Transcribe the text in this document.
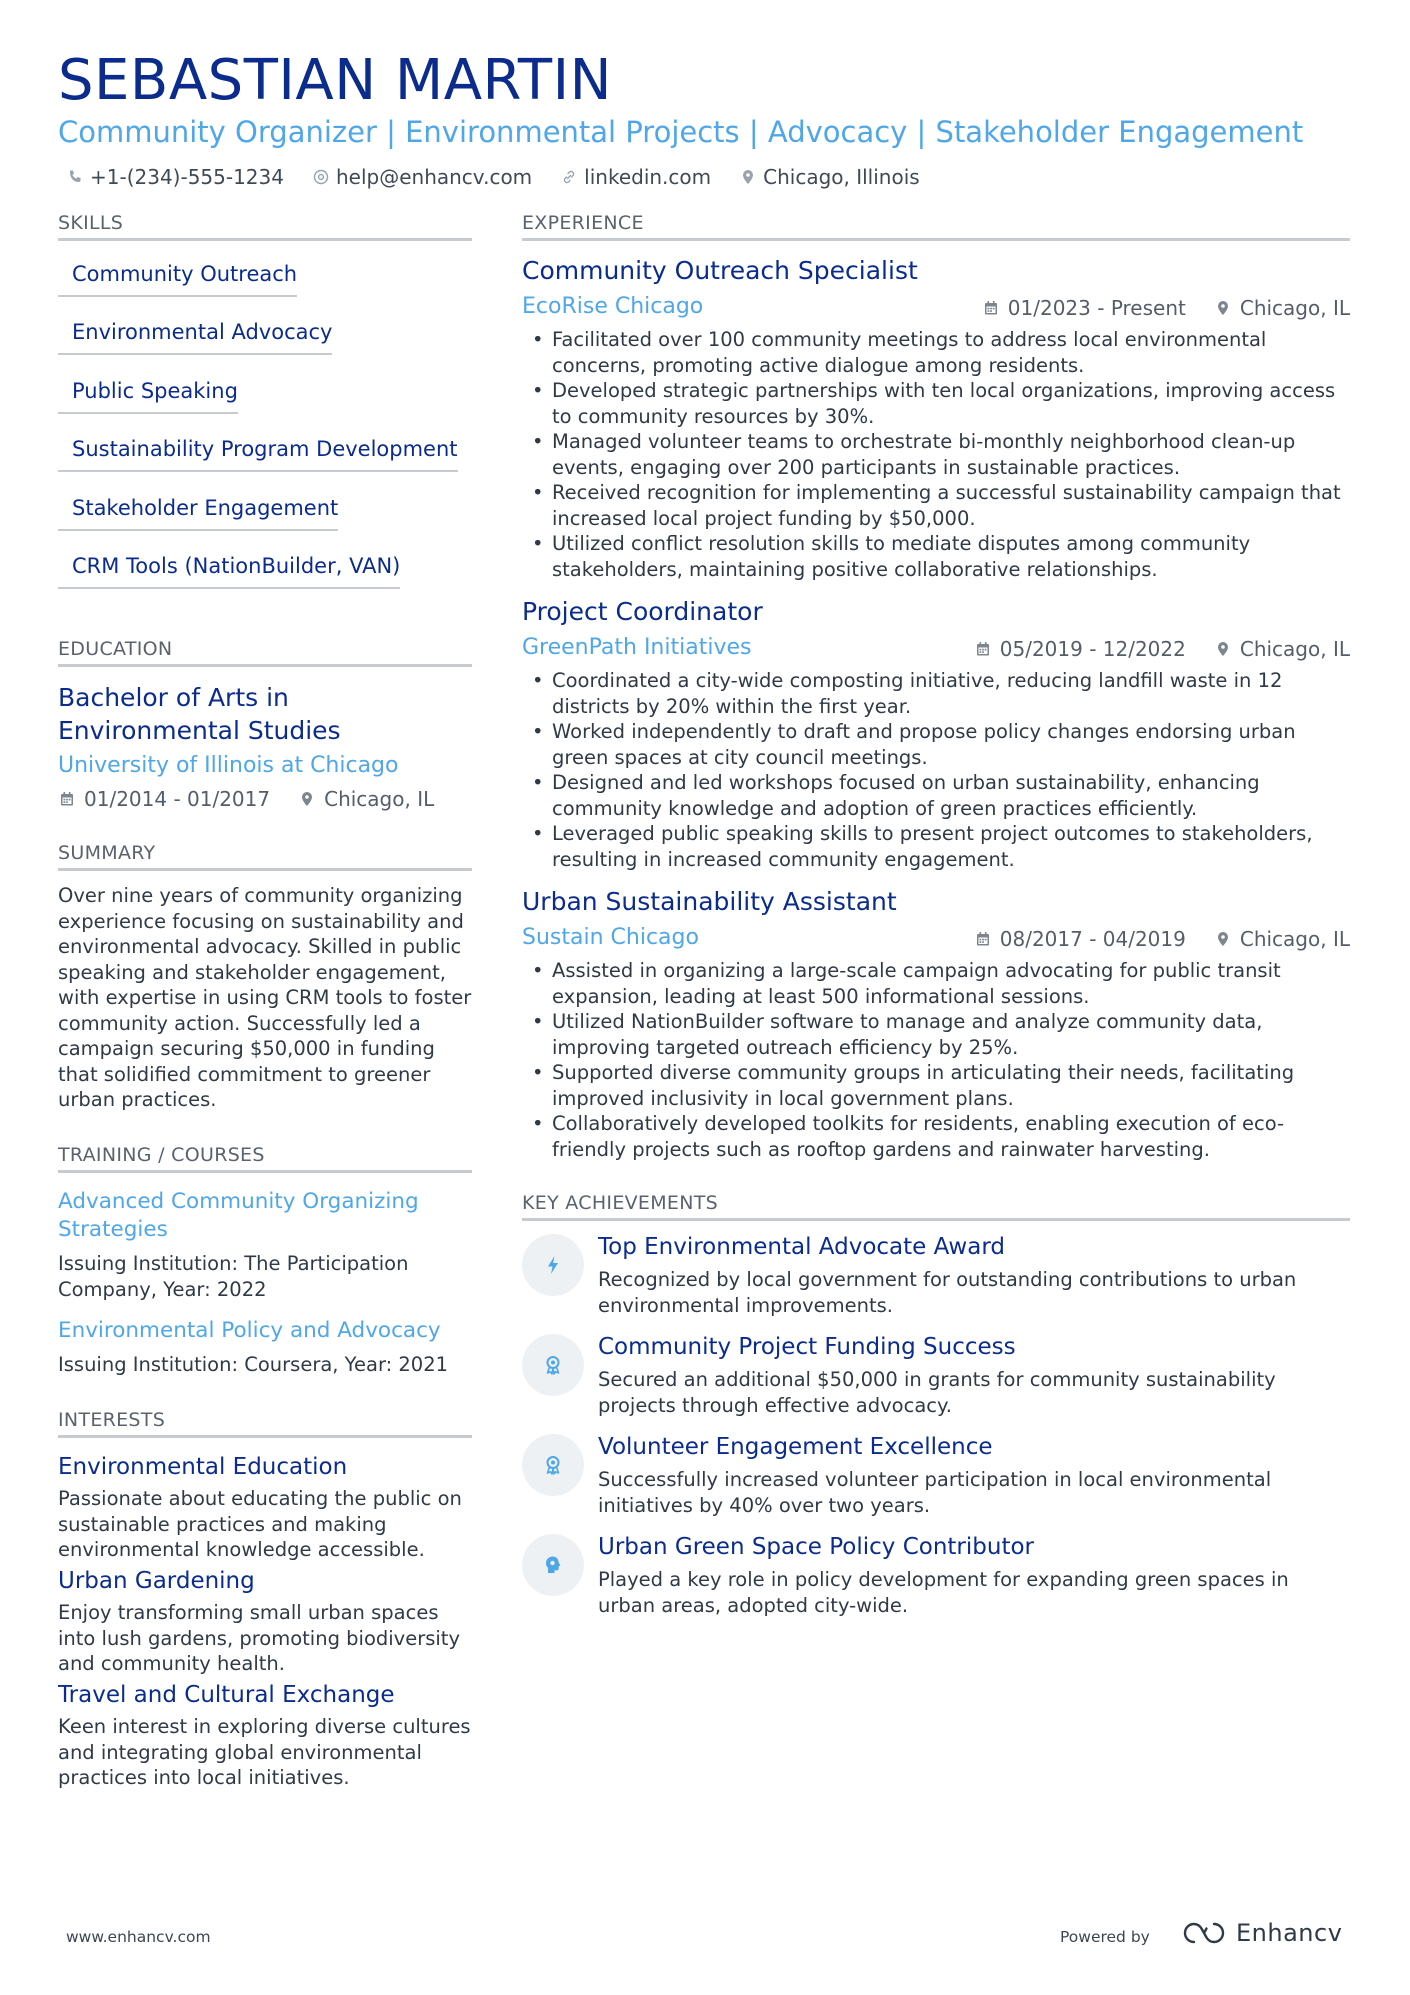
SEBASTIAN MARTIN
Community Organizer | Environmental Projects | Advocacy | Stakeholder Engagement
+1-(234)-555-1234	help@enhancv.com	linkedin.com	Chicago, Illinois
SKILLS
Community Outreach
Environmental Advocacy
Public Speaking
Sustainability Program Development
Stakeholder Engagement
CRM Tools (NationBuilder, VAN)
EDUCATION
Bachelor of Arts in Environmental Studies
University of Illinois at Chicago
01/2014 - 01/2017	Chicago, IL
SUMMARY
Over nine years of community organizing experience focusing on sustainability and environmental advocacy. Skilled in public speaking and stakeholder engagement, with expertise in using CRM tools to foster community action. Successfully led a campaign securing $50,000 in funding that solidified commitment to greener urban practices.
TRAINING / COURSES
Advanced Community Organizing Strategies
Issuing Institution: The Participation Company, Year: 2022
Environmental Policy and Advocacy
Issuing Institution: Coursera, Year: 2021
INTERESTS
Environmental Education
Passionate about educating the public on sustainable practices and making environmental knowledge accessible.
Urban Gardening
Enjoy transforming small urban spaces into lush gardens, promoting biodiversity and community health.
Travel and Cultural Exchange
Keen interest in exploring diverse cultures and integrating global environmental practices into local initiatives.
EXPERIENCE
Community Outreach Specialist
EcoRise Chicago	01/2023 - Present	Chicago, IL
• Facilitated over 100 community meetings to address local environmental concerns, promoting active dialogue among residents.
• Developed strategic partnerships with ten local organizations, improving access to community resources by 30%.
• Managed volunteer teams to orchestrate bi-monthly neighborhood clean-up events, engaging over 200 participants in sustainable practices.
• Received recognition for implementing a successful sustainability campaign that increased local project funding by $50,000.
• Utilized conflict resolution skills to mediate disputes among community stakeholders, maintaining positive collaborative relationships.
Project Coordinator
GreenPath Initiatives	05/2019 - 12/2022	Chicago, IL
• Coordinated a city-wide composting initiative, reducing landfill waste in 12 districts by 20% within the first year.
• Worked independently to draft and propose policy changes endorsing urban green spaces at city council meetings.
• Designed and led workshops focused on urban sustainability, enhancing community knowledge and adoption of green practices efficiently.
• Leveraged public speaking skills to present project outcomes to stakeholders, resulting in increased community engagement.
Urban Sustainability Assistant
Sustain Chicago	08/2017 - 04/2019	Chicago, IL
• Assisted in organizing a large-scale campaign advocating for public transit expansion, leading at least 500 informational sessions.
• Utilized NationBuilder software to manage and analyze community data, improving targeted outreach efficiency by 25%.
• Supported diverse community groups in articulating their needs, facilitating improved inclusivity in local government plans.
• Collaboratively developed toolkits for residents, enabling execution of eco-friendly projects such as rooftop gardens and rainwater harvesting.
KEY ACHIEVEMENTS
Top Environmental Advocate Award
Recognized by local government for outstanding contributions to urban environmental improvements.
Community Project Funding Success
Secured an additional $50,000 in grants for community sustainability projects through effective advocacy.
Volunteer Engagement Excellence
Successfully increased volunteer participation in local environmental initiatives by 40% over two years.
Urban Green Space Policy Contributor
Played a key role in policy development for expanding green spaces in urban areas, adopted city-wide.
www.enhancv.com	Powered by	Enhancv
